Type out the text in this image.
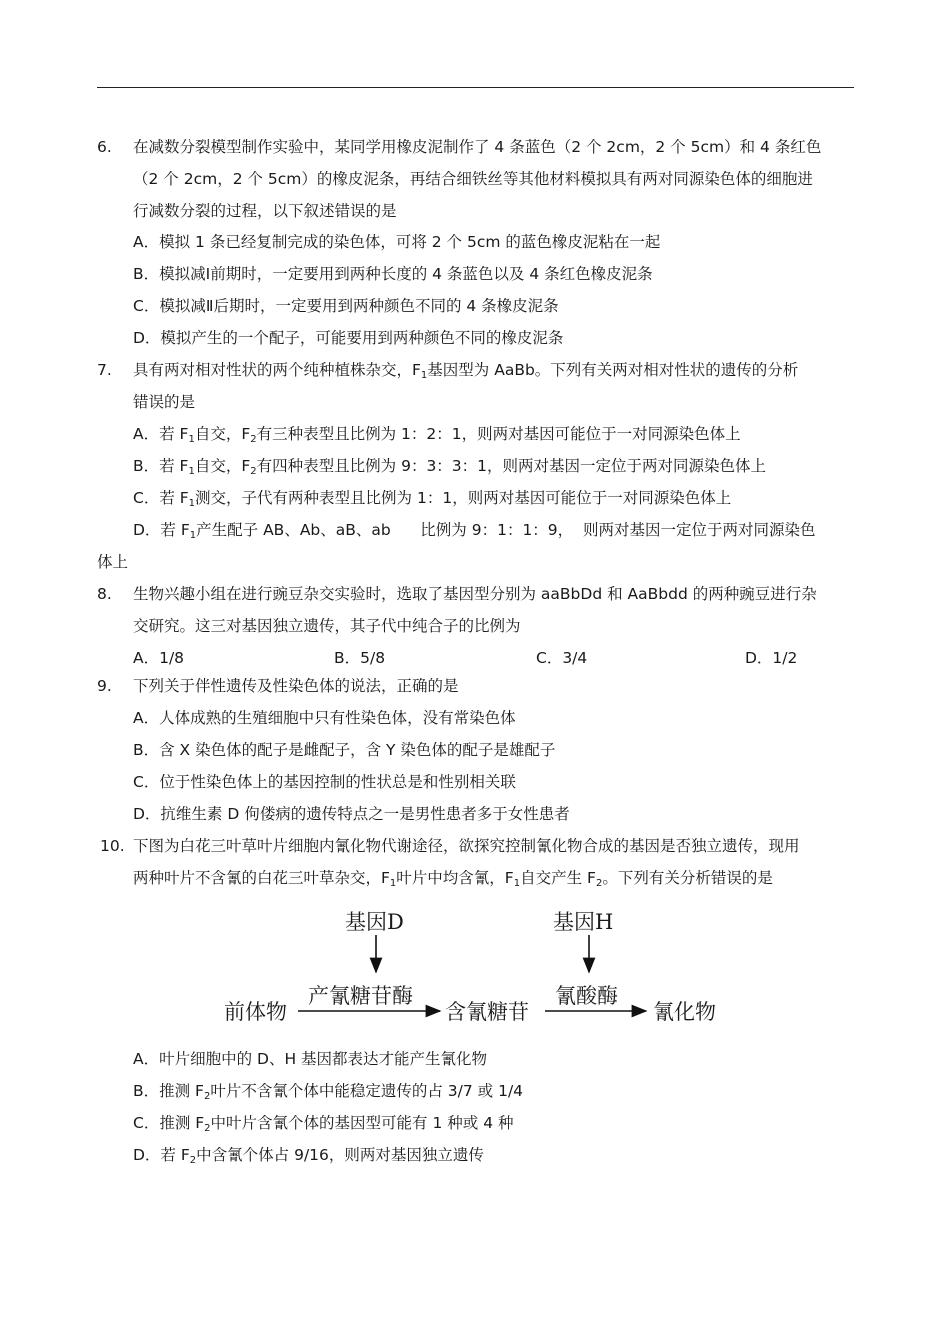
6. 在减数分裂模型制作实验中，某同学用橡皮泥制作了 4 条蓝色（2 个 2cm，2 个 5cm）和 4 条红色
（2 个 2cm，2 个 5cm）的橡皮泥条，再结合细铁丝等其他材料模拟具有两对同源染色体的细胞进
行减数分裂的过程，以下叙述错误的是
A．模拟 1 条已经复制完成的染色体，可将 2 个 5cm 的蓝色橡皮泥粘在一起
B．模拟减Ⅰ前期时，一定要用到两种长度的 4 条蓝色以及 4 条红色橡皮泥条
C．模拟减Ⅱ后期时，一定要用到两种颜色不同的 4 条橡皮泥条
D．模拟产生的一个配子，可能要用到两种颜色不同的橡皮泥条
7. 具有两对相对性状的两个纯种植株杂交，$F_1$基因型为 AaBb。下列有关两对相对性状的遗传的分析
错误的是
A．若 $F_1$自交，$F_2$有三种表型且比例为 1：2：1，则两对基因可能位于一对同源染色体上
B．若 $F_1$自交，$F_2$有四种表型且比例为 9：3：3：1，则两对基因一定位于两对同源染色体上
C．若 $F_1$测交，子代有两种表型且比例为 1：1，则两对基因可能位于一对同源染色体上
D．若 $F_1$产生配子 AB、Ab、aB、ab      比例为 9：1：1：9，  则两对基因一定位于两对同源染色
体上
8. 生物兴趣小组在进行豌豆杂交实验时，选取了基因型分别为 aaBbDd 和 AaBbdd 的两种豌豆进行杂
交研究。这三对基因独立遗传，其子代中纯合子的比例为
A．1/8	B．5/8	C．3/4	D．1/2
9. 下列关于伴性遗传及性染色体的说法，正确的是
A．人体成熟的生殖细胞中只有性染色体，没有常染色体
B．含 X 染色体的配子是雌配子，含 Y 染色体的配子是雄配子
C．位于性染色体上的基因控制的性状总是和性别相关联
D．抗维生素 D 佝偻病的遗传特点之一是男性患者多于女性患者
10. 下图为白花三叶草叶片细胞内氰化物代谢途径，欲探究控制氰化物合成的基因是否独立遗传，现用
两种叶片不含氰的白花三叶草杂交，$F_1$叶片中均含氰，$F_1$自交产生 $F_2$。下列有关分析错误的是
基因D	基因H
产氰糖苷酶	氰酸酶
前体物	含氰糖苷	氰化物
A．叶片细胞中的 D、H 基因都表达才能产生氰化物
B．推测 $F_2$叶片不含氰个体中能稳定遗传的占 3/7 或 1/4
C．推测 $F_2$中叶片含氰个体的基因型可能有 1 种或 4 种
D．若 $F_2$中含氰个体占 9/16，则两对基因独立遗传
